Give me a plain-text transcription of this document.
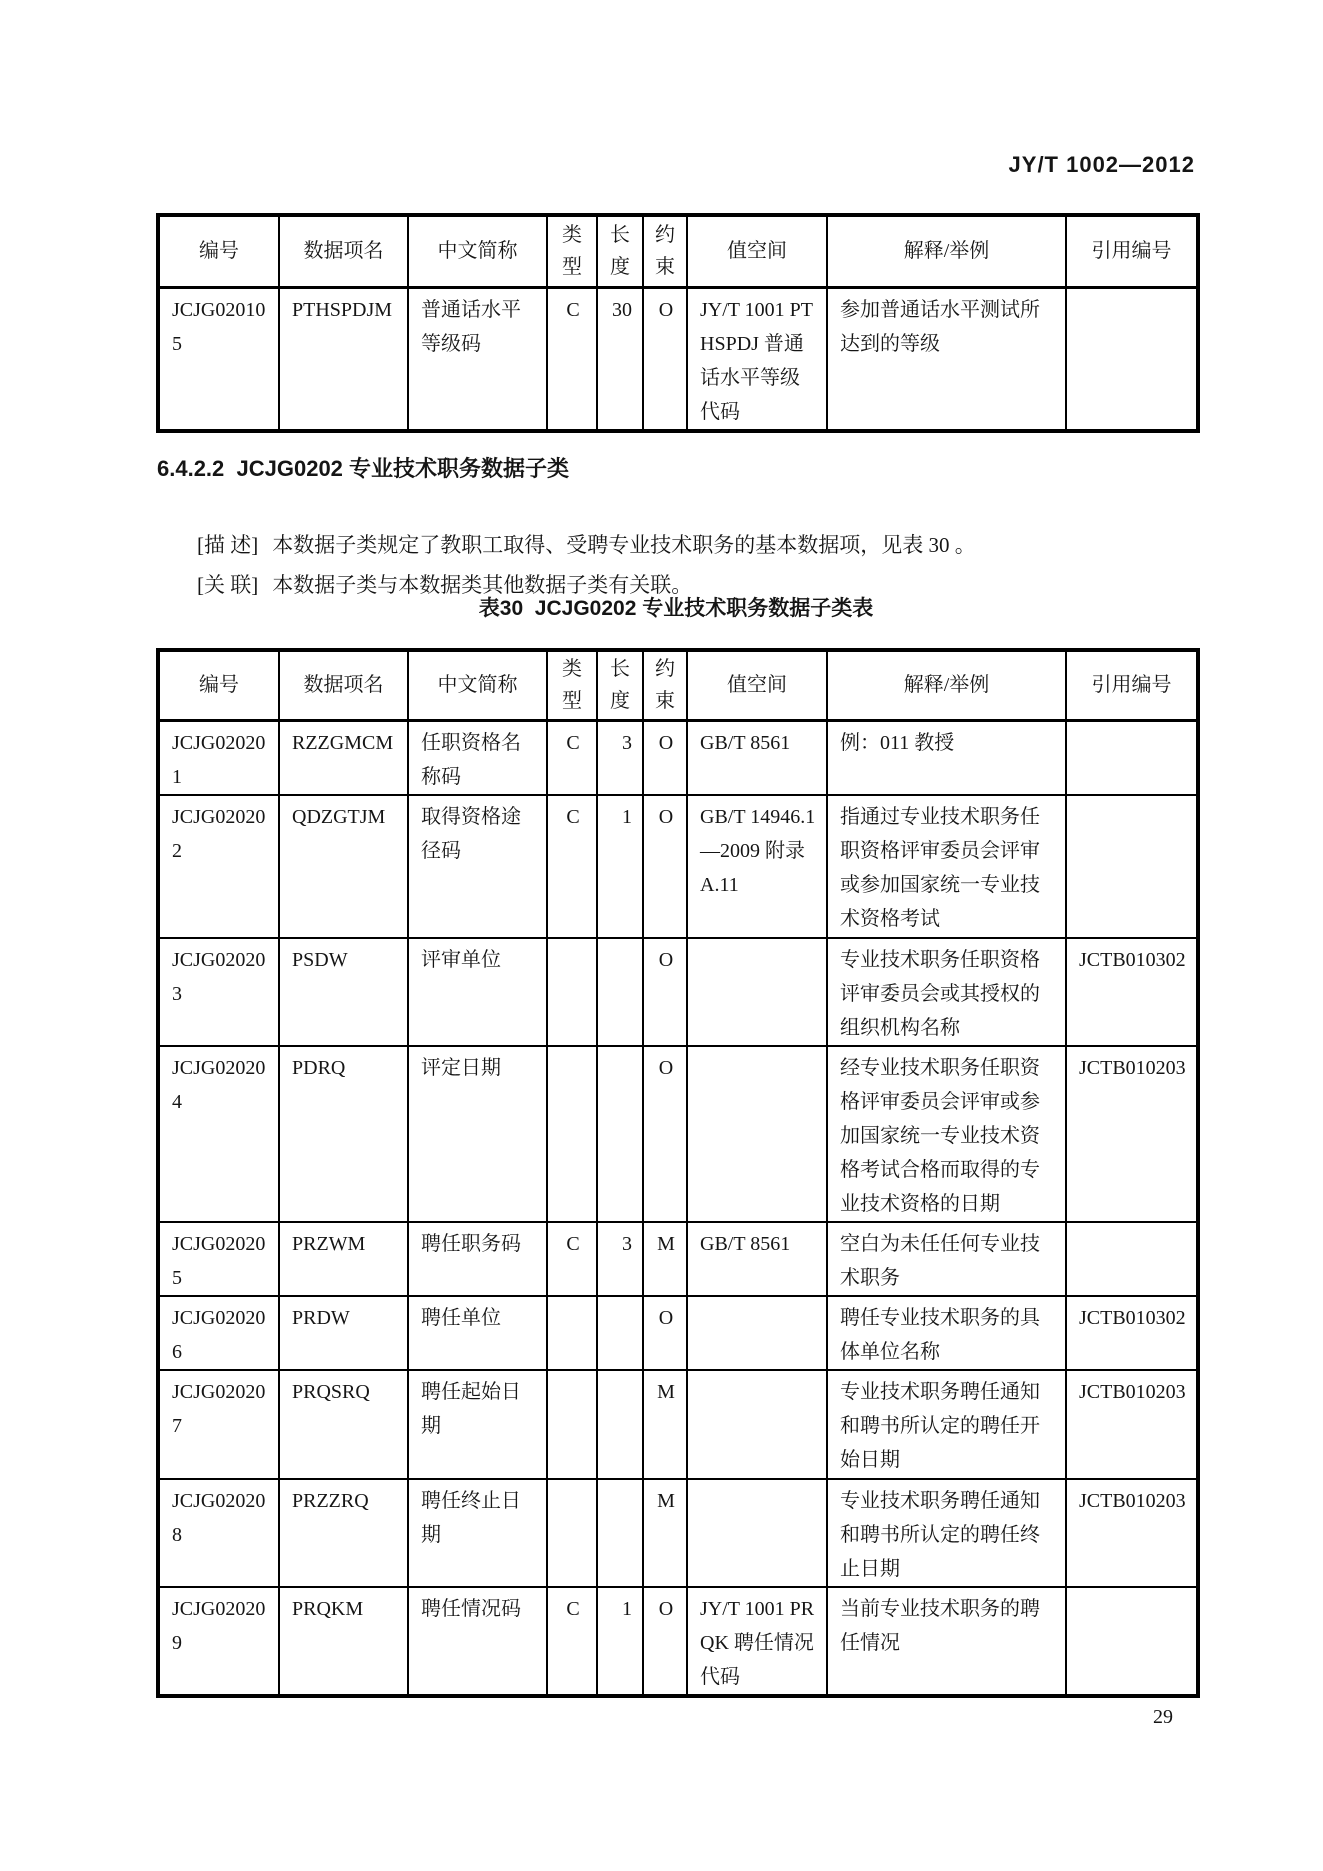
JY/T 1002—2012
编号	数据项名	中文简称	类型	长度	约束	值空间	解释/举例	引用编号
JCJG020105	PTHSPDJM	普通话水平等级码	C	30	O	JY/T 1001 PTHSPDJ 普通话水平等级代码	参加普通话水平测试所达到的等级	
6.4.2.2  JCJG0202 专业技术职务数据子类

[描 述] 本数据子类规定了教职工取得、受聘专业技术职务的基本数据项，见表 30 。

[关 联] 本数据子类与本数据类其他数据子类有关联。

表30  JCJG0202 专业技术职务数据子类表
编号	数据项名	中文简称	类型	长度	约束	值空间	解释/举例	引用编号
JCJG020201	RZZGMCM	任职资格名称码	C	3	O	GB/T 8561	例：011 教授	
JCJG020202	QDZGTJM	取得资格途径码	C	1	O	GB/T 14946.1—2009 附录 A.11	指通过专业技术职务任职资格评审委员会评审或参加国家统一专业技术资格考试	
JCJG020203	PSDW	评审单位			O		专业技术职务任职资格评审委员会或其授权的组织机构名称	JCTB010302
JCJG020204	PDRQ	评定日期			O		经专业技术职务任职资格评审委员会评审或参加国家统一专业技术资格考试合格而取得的专业技术资格的日期	JCTB010203
JCJG020205	PRZWM	聘任职务码	C	3	M	GB/T 8561	空白为未任任何专业技术职务	
JCJG020206	PRDW	聘任单位			O		聘任专业技术职务的具体单位名称	JCTB010302
JCJG020207	PRQSRQ	聘任起始日期			M		专业技术职务聘任通知和聘书所认定的聘任开始日期	JCTB010203
JCJG020208	PRZZRQ	聘任终止日期			M		专业技术职务聘任通知和聘书所认定的聘任终止日期	JCTB010203
JCJG020209	PRQKM	聘任情况码	C	1	O	JY/T 1001 PRQK 聘任情况代码	当前专业技术职务的聘任情况	
29
